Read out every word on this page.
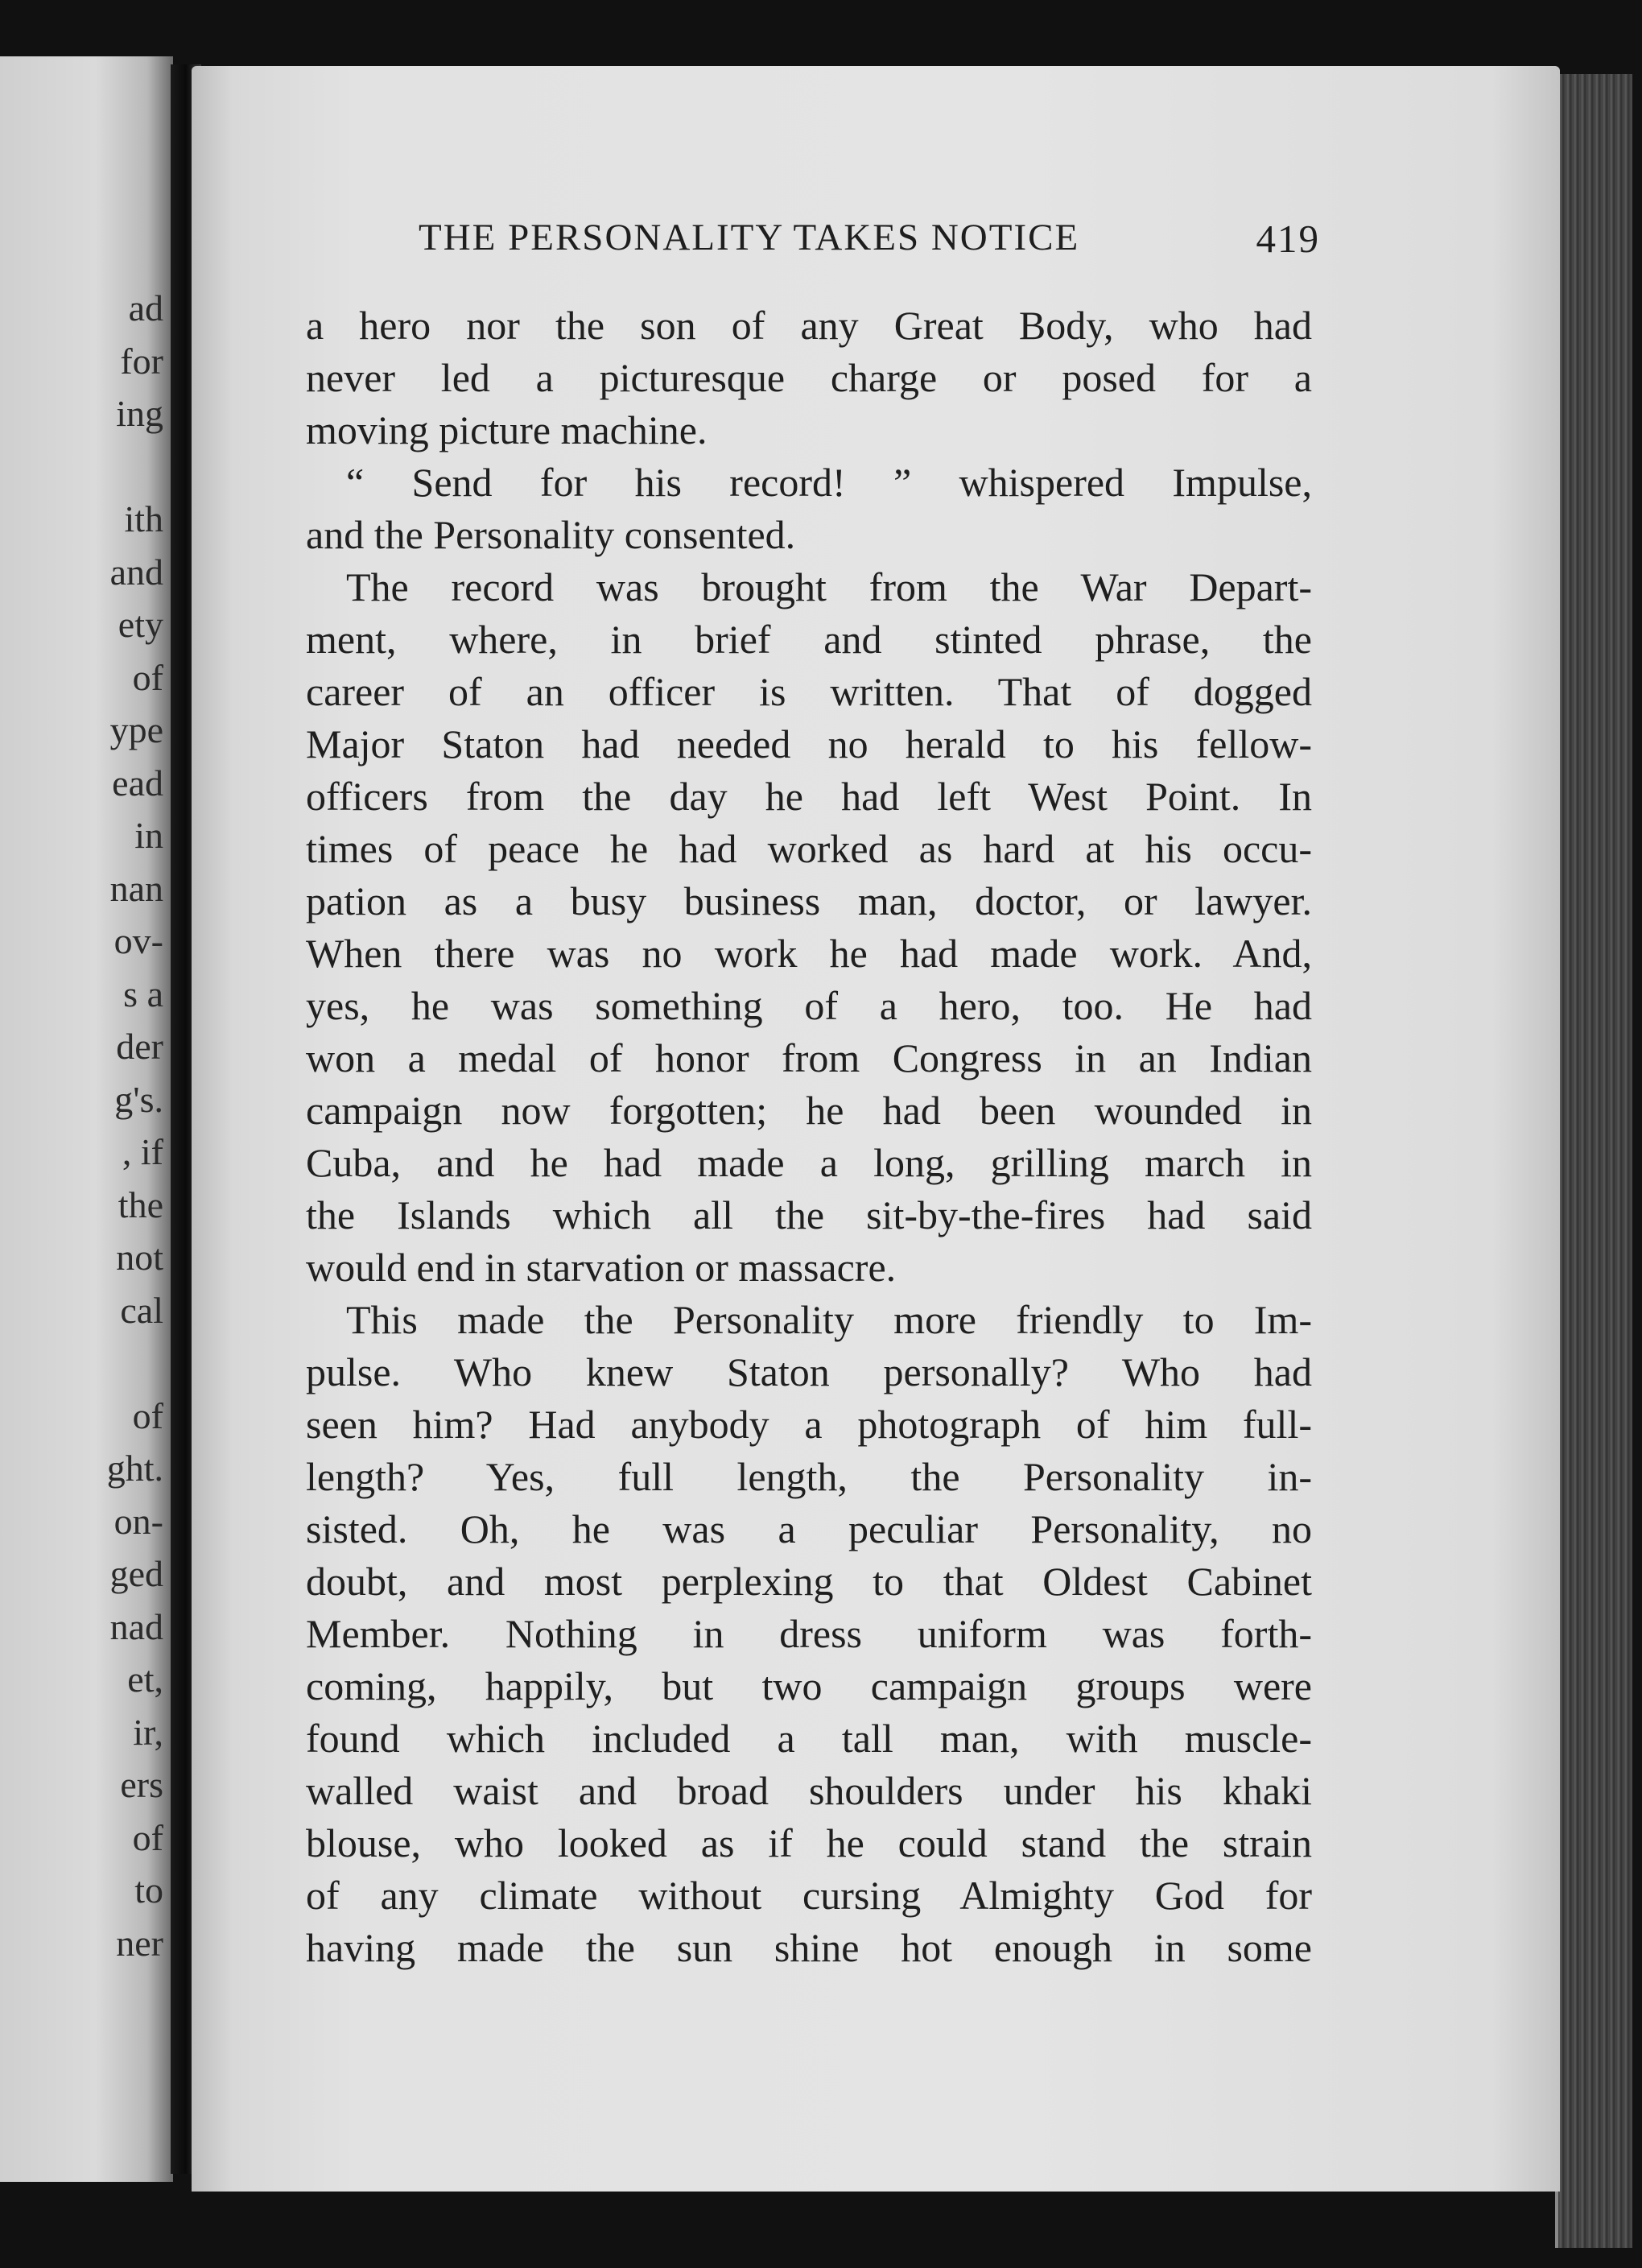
ad
for
ing
ith
and
ety
of
ype
ead
in
nan
ov-
s a
der
g's.
, if
the
not
cal
of
ght.
on-
ged
nad
et,
ir,
ers
of
to
ner
THE PERSONALITY TAKES NOTICE	419
a hero nor the son of any Great Body, who had
never led a picturesque charge or posed for a
moving picture machine.
“ Send for his record! ” whispered Impulse,
and the Personality consented.
The record was brought from the War Depart-
ment, where, in brief and stinted phrase, the
career of an officer is written. That of dogged
Major Staton had needed no herald to his fellow-
officers from the day he had left West Point. In
times of peace he had worked as hard at his occu-
pation as a busy business man, doctor, or lawyer.
When there was no work he had made work. And,
yes, he was something of a hero, too. He had
won a medal of honor from Congress in an Indian
campaign now forgotten; he had been wounded in
Cuba, and he had made a long, grilling march in
the Islands which all the sit-by-the-fires had said
would end in starvation or massacre.
This made the Personality more friendly to Im-
pulse. Who knew Staton personally? Who had
seen him? Had anybody a photograph of him full-
length? Yes, full length, the Personality in-
sisted. Oh, he was a peculiar Personality, no
doubt, and most perplexing to that Oldest Cabinet
Member. Nothing in dress uniform was forth-
coming, happily, but two campaign groups were
found which included a tall man, with muscle-
walled waist and broad shoulders under his khaki
blouse, who looked as if he could stand the strain
of any climate without cursing Almighty God for
having made the sun shine hot enough in some
